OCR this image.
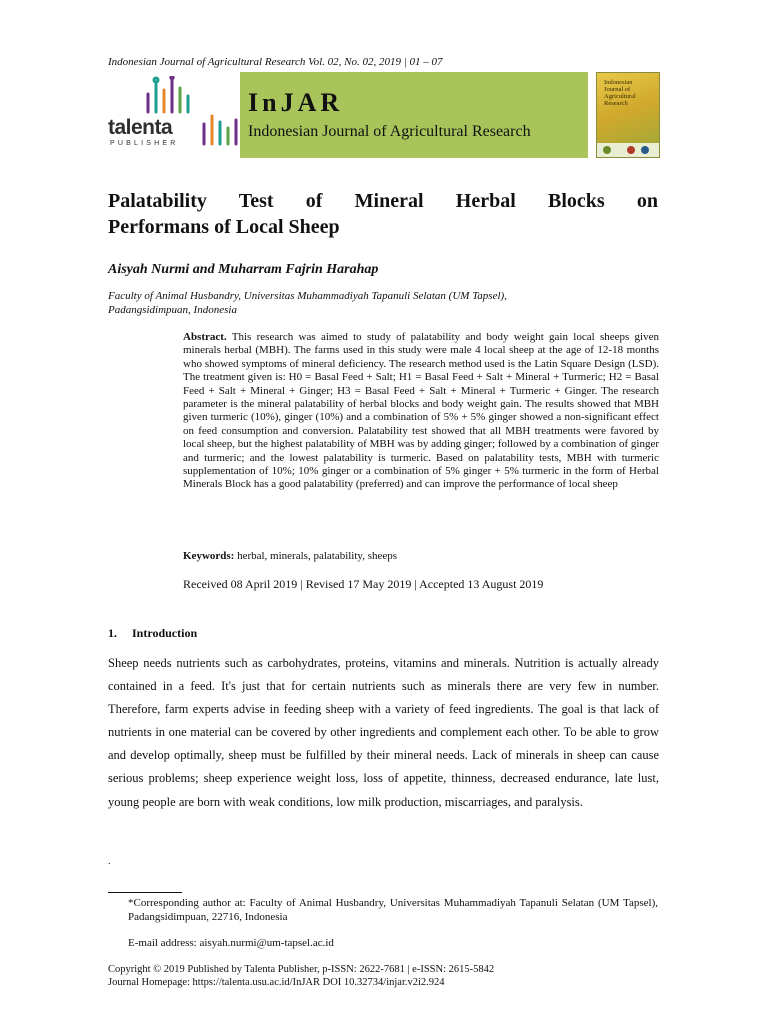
Indonesian Journal of Agricultural Research Vol. 02, No. 02, 2019 | 01 – 07
talenta
PUBLISHER
InJAR
Indonesian Journal of Agricultural Research
Indonesian
Journal of
Agricultural
Research
Palatability Test of Mineral Herbal Blocks on
Performans of Local Sheep
Aisyah Nurmi and Muharram Fajrin Harahap
Faculty of Animal Husbandry, Universitas Muhammadiyah Tapanuli Selatan (UM Tapsel), Padangsidimpuan, Indonesia
Abstract. This research was aimed to study of palatability and body weight gain local sheeps given minerals herbal (MBH). The farms used in this study were male 4 local sheep at the age of 12-18 months who showed symptoms of mineral deficiency. The research method used is the Latin Square Design (LSD). The treatment given is: H0 = Basal Feed + Salt; H1 = Basal Feed + Salt + Mineral + Turmeric; H2 = Basal Feed + Salt + Mineral + Ginger; H3 = Basal Feed + Salt + Mineral + Turmeric + Ginger. The research parameter is the mineral palatability of herbal blocks and body weight gain. The results showed that MBH given turmeric (10%), ginger (10%) and a combination of 5% + 5% ginger showed a non-significant effect on feed consumption and conversion. Palatability test showed that all MBH treatments were favored by local sheep, but the highest palatability of MBH was by adding ginger; followed by a combination of ginger and turmeric; and the lowest palatability is turmeric. Based on palatability tests, MBH with turmeric supplementation of 10%; 10% ginger or a combination of 5% ginger + 5% turmeric in the form of Herbal Minerals Block has a good palatability (preferred) and can improve the performance of local sheep
Keywords: herbal, minerals, palatability, sheeps
Received 08 April 2019 | Revised 17 May 2019 | Accepted 13 August 2019
1. Introduction
Sheep needs nutrients such as carbohydrates, proteins, vitamins and minerals. Nutrition is actually already contained in a feed. It's just that for certain nutrients such as minerals there are very few in number. Therefore, farm experts advise in feeding sheep with a variety of feed ingredients. The goal is that lack of nutrients in one material can be covered by other ingredients and complement each other. To be able to grow and develop optimally, sheep must be fulfilled by their mineral needs. Lack of minerals in sheep can cause serious problems; sheep experience weight loss, loss of appetite, thinness, decreased endurance, late lust, young people are born with weak conditions, low milk production, miscarriages, and paralysis.
.
*Corresponding author at: Faculty of Animal Husbandry, Universitas Muhammadiyah Tapanuli Selatan (UM Tapsel), Padangsidimpuan, 22716, Indonesia
E-mail address: aisyah.nurmi@um-tapsel.ac.id
Copyright © 2019 Published by Talenta Publisher, p-ISSN: 2622-7681 | e-ISSN: 2615-5842
Journal Homepage: https://talenta.usu.ac.id/InJAR DOI 10.32734/injar.v2i2.924
